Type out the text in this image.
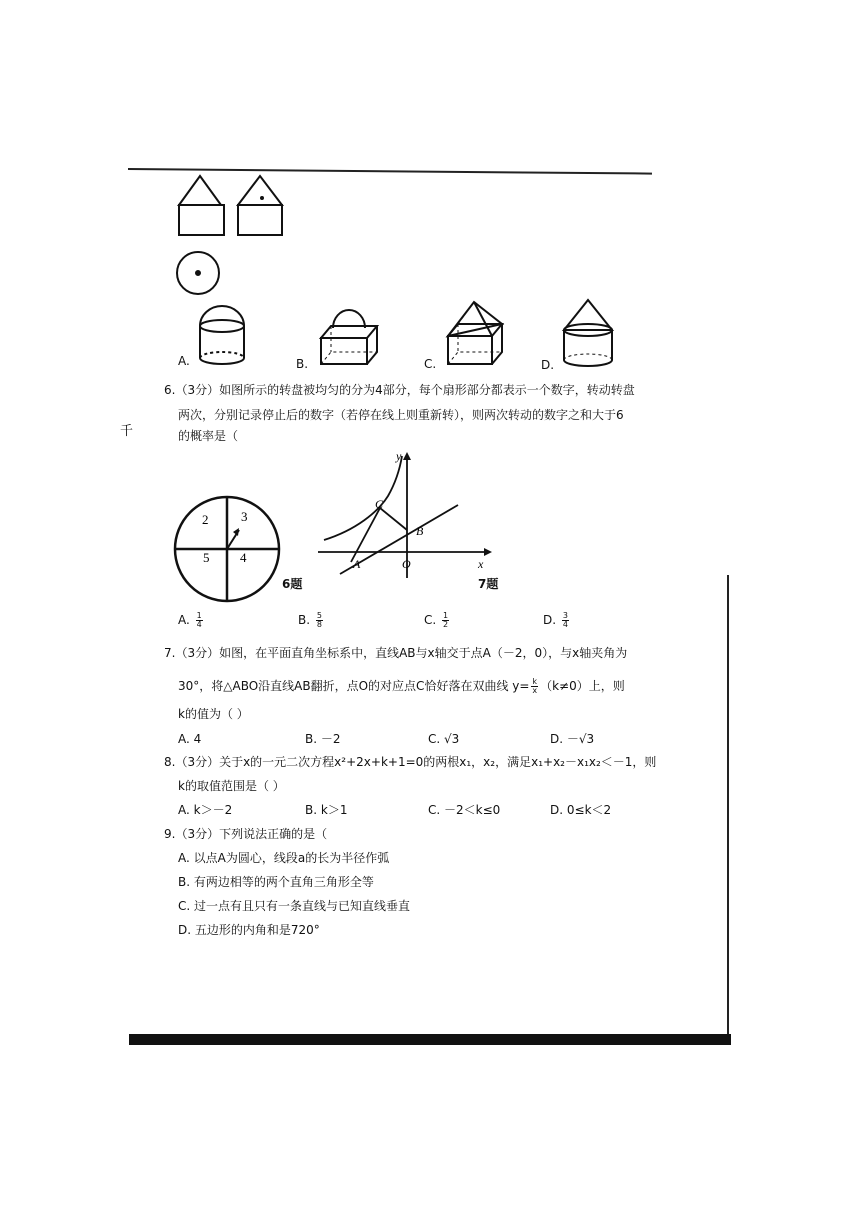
千
A.	B.	C.	D.
6.（3分）如图所示的转盘被均匀的分为4部分，每个扇形部分都表示一个数字，转动转盘
两次，分别记录停止后的数字（若停在线上则重新转），则两次转动的数字之和大于6
的概率是（
2	3
5 4
6题
y
x
C
B
A	O
7题
A. $\frac{1}{4}$	B. $\frac{5}{8}$	C. $\frac{1}{2}$	D. $\frac{3}{4}$
7.（3分）如图，在平面直角坐标系中，直线AB与x轴交于点A（－2，0），与x轴夹角为
30°，将△ABO沿直线AB翻折，点O的对应点C恰好落在双曲线 $y= \frac{k}{x} (k\ne 0)$上，则
k的值为（ ）
A. 4	B. －2	C. √3	D. －√3
8.（3分）关于x的一元二次方程x²+2x+k+1=0的两根x₁，x₂，满足x₁+x₂－x₁x₂＜－1，则
k的取值范围是（ ）
A. k＞－2	B. k＞1	C. －2＜k≤0	D. 0≤k＜2
9.（3分）下列说法正确的是（
A. 以点A为圆心，线段a的长为半径作弧
B. 有两边相等的两个直角三角形全等
C. 过一点有且只有一条直线与已知直线垂直
D. 五边形的内角和是720°
